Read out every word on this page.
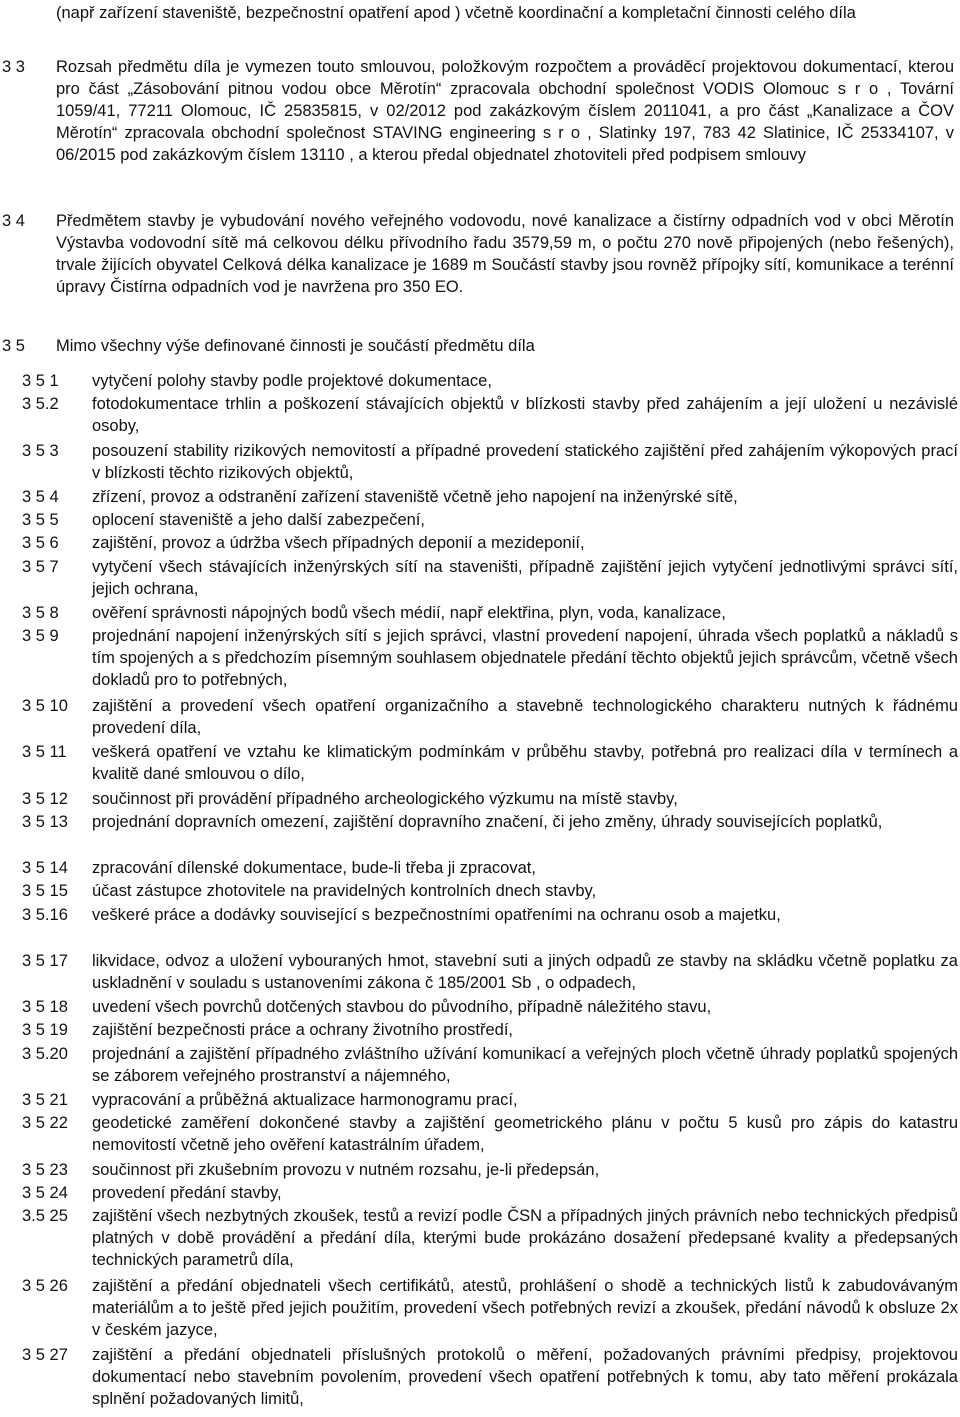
(např zařízení staveniště, bezpečnostní opatření apod ) včetně koordinační a kompletační činnosti celého díla

3 3 Rozsah předmětu díla je vymezen touto smlouvou, položkovým rozpočtem a prováděcí projektovou dokumentací, kterou pro část „Zásobování pitnou vodou obce Měrotín“ zpracovala obchodní společnost VODIS Olomouc s r o , Tovární 1059/41, 77211 Olomouc, IČ 25835815, v 02/2012 pod zakázkovým číslem 2011041, a pro část „Kanalizace a ČOV Měrotín“ zpracovala obchodní společnost STAVING engineering s r o , Slatinky 197, 783 42 Slatinice, IČ 25334107, v 06/2015 pod zakázkovým číslem 13110 , a kterou předal objednatel zhotoviteli před podpisem smlouvy

3 4 Předmětem stavby je vybudování nového veřejného vodovodu, nové kanalizace a čistírny odpadních vod v obci Měrotín Výstavba vodovodní sítě má celkovou délku přívodního řadu 3579,59 m, o počtu 270 nově připojených (nebo řešených), trvale žijících obyvatel Celková délka kanalizace je 1689 m Součástí stavby jsou rovněž přípojky sítí, komunikace a terénní úpravy Čistírna odpadních vod je navržena pro 350 EO.

3 5 Mimo všechny výše definované činnosti je součástí předmětu díla

3 5 1 vytyčení polohy stavby podle projektové dokumentace,

3 5.2 fotodokumentace trhlin a poškození stávajících objektů v blízkosti stavby před zahájením a její uložení u nezávislé osoby,

3 5 3 posouzení stability rizikových nemovitostí a případné provedení statického zajištění před zahájením výkopových prací v blízkosti těchto rizikových objektů,

3 5 4 zřízení, provoz a odstranění zařízení staveniště včetně jeho napojení na inženýrské sítě,

3 5 5 oplocení staveniště a jeho další zabezpečení,

3 5 6 zajištění, provoz a údržba všech případných deponií a mezideponií,

3 5 7 vytyčení všech stávajících inženýrských sítí na staveništi, případně zajištění jejich vytyčení jednotlivými správci sítí, jejich ochrana,

3 5 8 ověření správnosti nápojných bodů všech médií, např elektřina, plyn, voda, kanalizace,

3 5 9 projednání napojení inženýrských sítí s jejich správci, vlastní provedení napojení, úhrada všech poplatků a nákladů s tím spojených a s předchozím písemným souhlasem objednatele předání těchto objektů jejich správcům, včetně všech dokladů pro to potřebných,

3 5 10 zajištění a provedení všech opatření organizačního a stavebně technologického charakteru nutných k řádnému provedení díla,

3 5 11 veškerá opatření ve vztahu ke klimatickým podmínkám v průběhu stavby, potřebná pro realizaci díla v termínech a kvalitě dané smlouvou o dílo,

3 5 12 součinnost při provádění případného archeologického výzkumu na místě stavby,

3 5 13 projednání dopravních omezení, zajištění dopravního značení, či jeho změny, úhrady souvisejících poplatků,

3 5 14 zpracování dílenské dokumentace, bude-li třeba ji zpracovat,

3 5 15 účast zástupce zhotovitele na pravidelných kontrolních dnech stavby,

3 5.16 veškeré práce a dodávky související s bezpečnostními opatřeními na ochranu osob a majetku,

3 5 17 likvidace, odvoz a uložení vybouraných hmot, stavební suti a jiných odpadů ze stavby na skládku včetně poplatku za uskladnění v souladu s ustanoveními zákona č 185/2001 Sb , o odpadech,

3 5 18 uvedení všech povrchů dotčených stavbou do původního, případně náležitého stavu,

3 5 19 zajištění bezpečnosti práce a ochrany životního prostředí,

3 5.20 projednání a zajištění případného zvláštního užívání komunikací a veřejných ploch včetně úhrady poplatků spojených se záborem veřejného prostranství a nájemného,

3 5 21 vypracování a průběžná aktualizace harmonogramu prací,

3 5 22 geodetické zaměření dokončené stavby a zajištění geometrického plánu v počtu 5 kusů pro zápis do katastru nemovitostí včetně jeho ověření katastrálním úřadem,

3 5 23 součinnost při zkušebním provozu v nutném rozsahu, je-li předepsán,

3 5 24 provedení předání stavby,

3.5 25 zajištění všech nezbytných zkoušek, testů a revizí podle ČSN a případných jiných právních nebo technických předpisů platných v době provádění a předání díla, kterými bude prokázáno dosažení předepsané kvality a předepsaných technických parametrů díla,

3 5 26 zajištění a předání objednateli všech certifikátů, atestů, prohlášení o shodě a technických listů k zabudovávaným materiálům a to ještě před jejich použitím, provedení všech potřebných revizí a zkoušek, předání návodů k obsluze 2x v českém jazyce,

3 5 27 zajištění a předání objednateli příslušných protokolů o měření, požadovaných právními předpisy, projektovou dokumentací nebo stavebním povolením, provedení všech opatření potřebných k tomu, aby tato měření prokázala splnění požadovaných limitů,
